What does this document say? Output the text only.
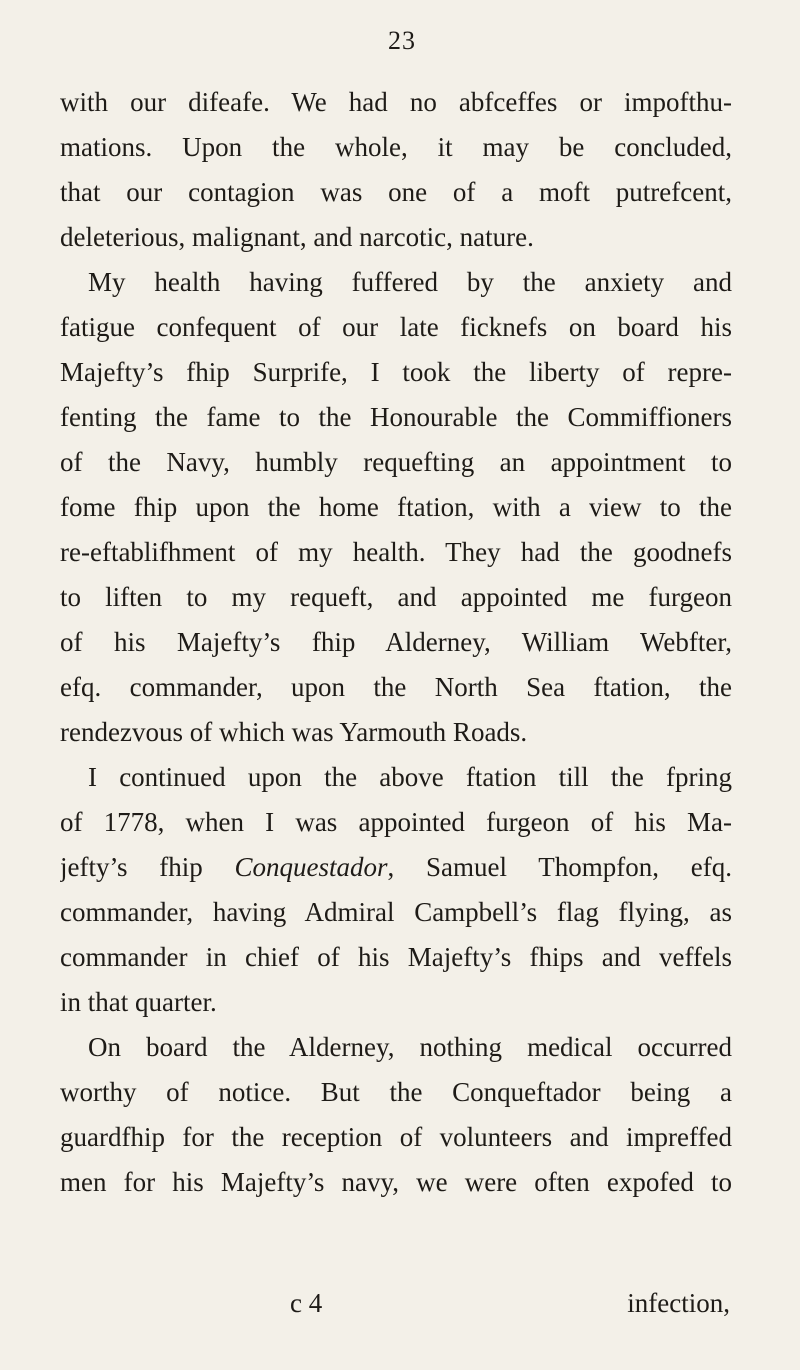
23
with our difeafe. We had no abfceffes or impofthu-
mations. Upon the whole, it may be concluded,
that our contagion was one of a moft putrefcent,
deleterious, malignant, and narcotic, nature.
My health having fuffered by the anxiety and
fatigue confequent of our late ficknefs on board his
Majefty’s fhip Surprife, I took the liberty of repre-
fenting the fame to the Honourable the Commiffioners
of the Navy, humbly requefting an appointment to
fome fhip upon the home ftation, with a view to the
re-eftablifhment of my health. They had the goodnefs
to liften to my requeft, and appointed me furgeon
of his Majefty’s fhip Alderney, William Webfter,
efq. commander, upon the North Sea ftation, the
rendezvous of which was Yarmouth Roads.
I continued upon the above ftation till the fpring
of 1778, when I was appointed furgeon of his Ma-
jefty’s fhip Conquestador, Samuel Thompfon, efq.
commander, having Admiral Campbell’s flag flying, as
commander in chief of his Majefty’s fhips and veffels
in that quarter.
On board the Alderney, nothing medical occurred
worthy of notice. But the Conqueftador being a
guardfhip for the reception of volunteers and impreffed
men for his Majefty’s navy, we were often expofed to
c 4	infection,
